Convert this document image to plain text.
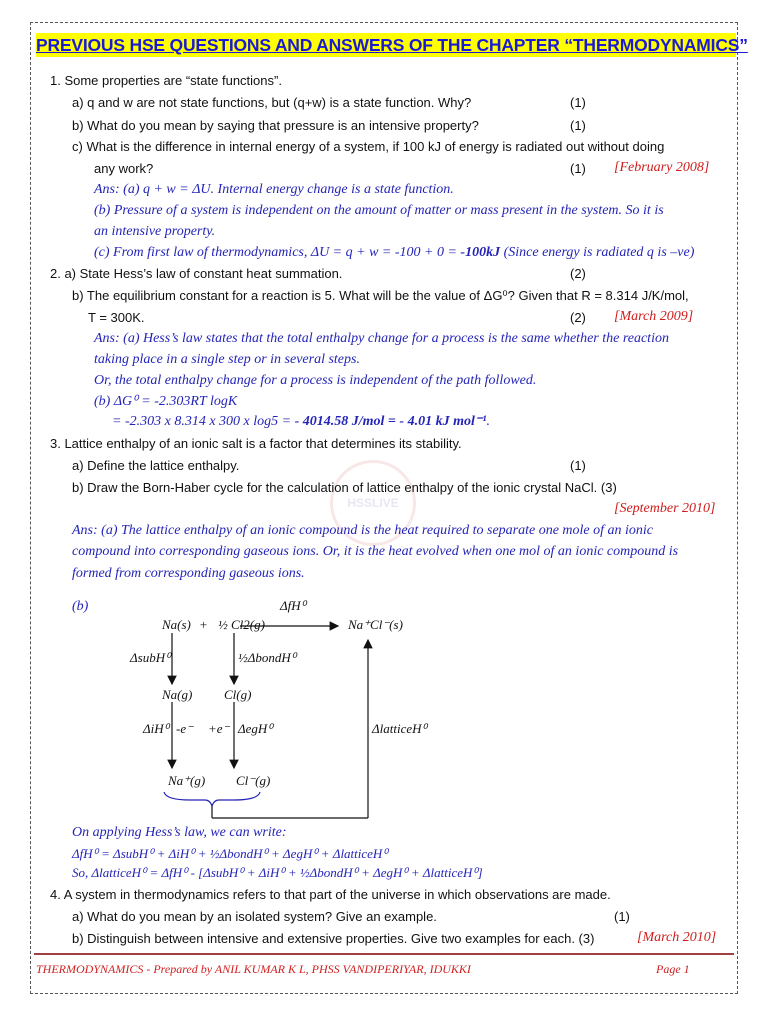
HSSLIVE
PREVIOUS HSE QUESTIONS AND ANSWERS OF THE CHAPTER “THERMODYNAMICS”
1. Some properties are “state functions”.
a) q and w are not state functions, but (q+w) is a state function. Why?	(1)
b) What do you mean by saying that pressure is an intensive property?	(1)
c) What is the difference in internal energy of a system, if 100 kJ of energy is radiated out without doing
any work?	(1) [February 2008]
Ans: (a) q + w = ΔU. Internal energy change is a state function.
(b) Pressure of a system is independent on the amount of matter or mass present in the system. So it is
an intensive property.
(c) From first law of thermodynamics, ΔU = q + w = -100 + 0 = -100kJ (Since energy is radiated q is –ve)
2. a) State Hess’s law of constant heat summation.	(2)
b) The equilibrium constant for a reaction is 5. What will be the value of ΔG⁰? Given that R = 8.314 J/K/mol,
T = 300K.	(2) [March 2009]
Ans: (a) Hess’s law states that the total enthalpy change for a process is the same whether the reaction
taking place in a single step or in several steps.
Or, the total enthalpy change for a process is independent of the path followed.
(b) ΔG⁰ = -2.303RT logK
= -2.303 x 8.314 x 300 x log5 = - 4014.58 J/mol = - 4.01 kJ mol⁻¹.
3. Lattice enthalpy of an ionic salt is a factor that determines its stability.
a) Define the lattice enthalpy.	(1)
b) Draw the Born-Haber cycle for the calculation of lattice enthalpy of the ionic crystal NaCl. (3)
[September 2010]
Ans: (a) The lattice enthalpy of an ionic compound is the heat required to separate one mole of an ionic
compound into corresponding gaseous ions. Or, it is the heat evolved when one mol of an ionic compound is
formed from corresponding gaseous ions.
(b)
Na(s) + ½ Cl2(g)
ΔfH⁰
Na⁺Cl⁻(s)
ΔsubH⁰	½ΔbondH⁰
Na(g) Cl(g)
ΔiH⁰ -e⁻ +e⁻ ΔegH⁰	ΔlatticeH⁰
Na⁺(g) Cl⁻(g)
On applying Hess’s law, we can write:
ΔfH⁰ = ΔsubH⁰ + ΔiH⁰ + ½ΔbondH⁰ + ΔegH⁰ + ΔlatticeH⁰
So, ΔlatticeH⁰ = ΔfH⁰ - [ΔsubH⁰ + ΔiH⁰ + ½ΔbondH⁰ + ΔegH⁰ + ΔlatticeH⁰]
4. A system in thermodynamics refers to that part of the universe in which observations are made.
a) What do you mean by an isolated system? Give an example.	(1)
b) Distinguish between intensive and extensive properties. Give two examples for each. (3)	[March 2010]
THERMODYNAMICS - Prepared by ANIL KUMAR K L, PHSS VANDIPERIYAR, IDUKKI	Page 1
